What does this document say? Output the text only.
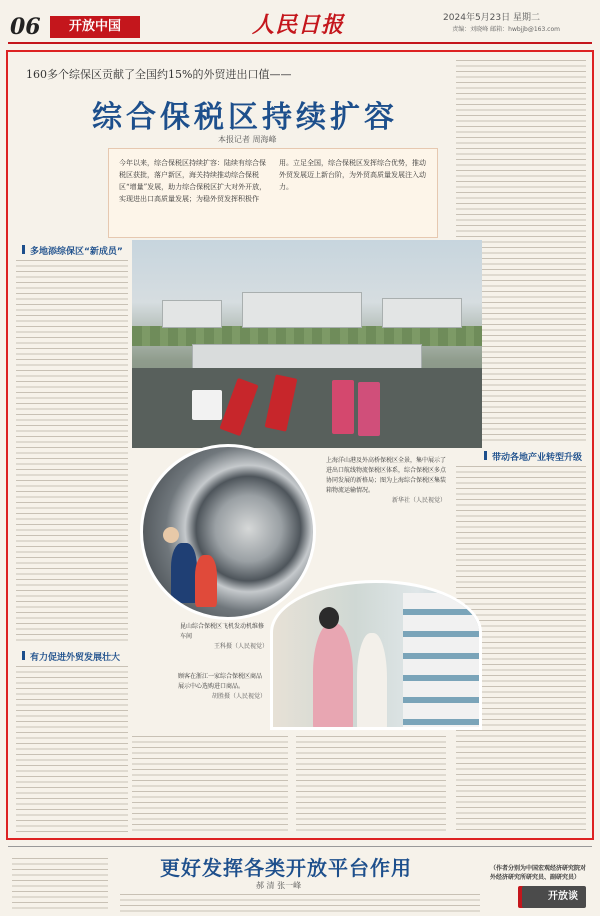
06	开放中国	人民日报	2024年5月23日 星期二
责编：刘晓峰 邮箱：hwbjjb@163.com
160多个综保区贡献了全国约15%的外贸进出口值——
综合保税区持续扩容
本报记者 周海峰
今年以来，综合保税区持续扩容：陆续有综合保税区获批，落户新区，海关持续推动综合保税区“增量”发展，助力综合保税区扩大对外开放，实现进出口高质量发展；为稳外贸发挥积极作用。立足全国，综合保税区发挥综合优势，推动外贸发展迈上新台阶，为外贸高质量发展注入动力。
带动各地产业转型升级
多地添综保区“新成员”
有力促进外贸发展壮大
上海洋山港及外高桥保税区全景，集中展示了进出口航线物流保税区体系，综合保税区多点协同发展的新格局；图为上海综合保税区集装箱物流运输情况。
新华社（人民视觉）
昆山综合保税区飞机发动机维修车间
王科摄（人民视觉）
顾客在浙江一家综合保税区商品展示中心选购进口商品。
胡胜摄（人民视觉）
更好发挥各类开放平台作用
郝 清 张一峰
（作者分别为中国宏观经济研究院对外经济研究所研究员、副研究员）
开放谈
